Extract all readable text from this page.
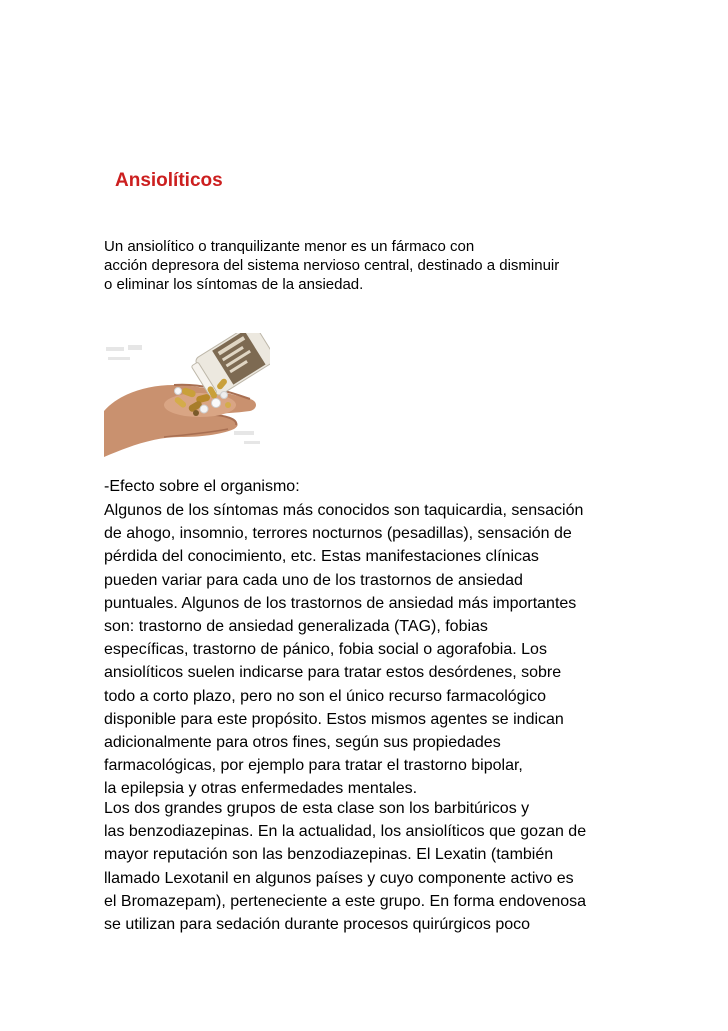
Ansiolíticos

Un ansiolítico o tranquilizante menor es un fármaco con
acción depresora del sistema nervioso central, destinado a disminuir
o eliminar los síntomas de la ansiedad.

-Efecto sobre el organismo:

Algunos de los síntomas más conocidos son taquicardia, sensación
de ahogo, insomnio, terrores nocturnos (pesadillas), sensación de
pérdida del conocimiento, etc. Estas manifestaciones clínicas
pueden variar para cada uno de los trastornos de ansiedad
puntuales. Algunos de los trastornos de ansiedad más importantes
son: trastorno de ansiedad generalizada (TAG), fobias
específicas, trastorno de pánico, fobia social o agorafobia. Los
ansiolíticos suelen indicarse para tratar estos desórdenes, sobre
todo a corto plazo, pero no son el único recurso farmacológico
disponible para este propósito. Estos mismos agentes se indican
adicionalmente para otros fines, según sus propiedades
farmacológicas, por ejemplo para tratar el trastorno bipolar,
la epilepsia y otras enfermedades mentales.

Los dos grandes grupos de esta clase son los barbitúricos y
las benzodiazepinas. En la actualidad, los ansiolíticos que gozan de
mayor reputación son las benzodiazepinas. El Lexatin (también
llamado Lexotanil en algunos países y cuyo componente activo es
el Bromazepam), perteneciente a este grupo. En forma endovenosa
se utilizan para sedación durante procesos quirúrgicos poco
